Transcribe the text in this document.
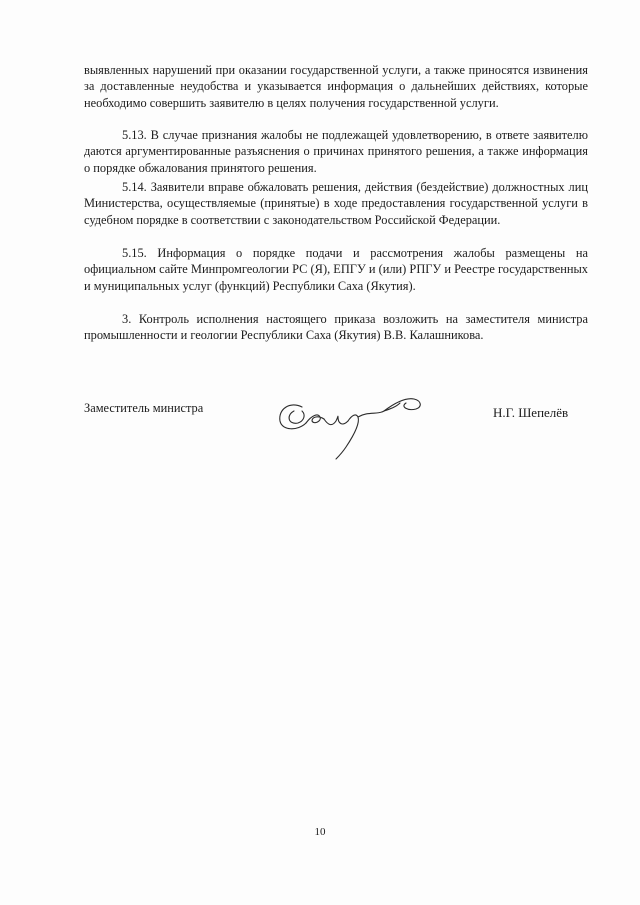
выявленных нарушений при оказании государственной услуги, а также приносятся извинения за доставленные неудобства и указывается информация о дальнейших действиях, которые необходимо совершить заявителю в целях получения государственной услуги.

5.13. В случае признания жалобы не подлежащей удовлетворению, в ответе заявителю даются аргументированные разъяснения о причинах принятого решения, а также информация о порядке обжалования принятого решения.

5.14. Заявители вправе обжаловать решения, действия (бездействие) должностных лиц Министерства, осуществляемые (принятые) в ходе предоставления государственной услуги в судебном порядке в соответствии с законодательством Российской Федерации.

5.15. Информация о порядке подачи и рассмотрения жалобы размещены на официальном сайте Минпромгеологии РС (Я), ЕПГУ и (или) РПГУ и Реестре государственных и муниципальных услуг (функций) Республики Саха (Якутия).

3. Контроль исполнения настоящего приказа возложить на заместителя министра промышленности и геологии Республики Саха (Якутия) В.В. Калашникова.

Заместитель министра	Н.Г. Шепелёв
10
